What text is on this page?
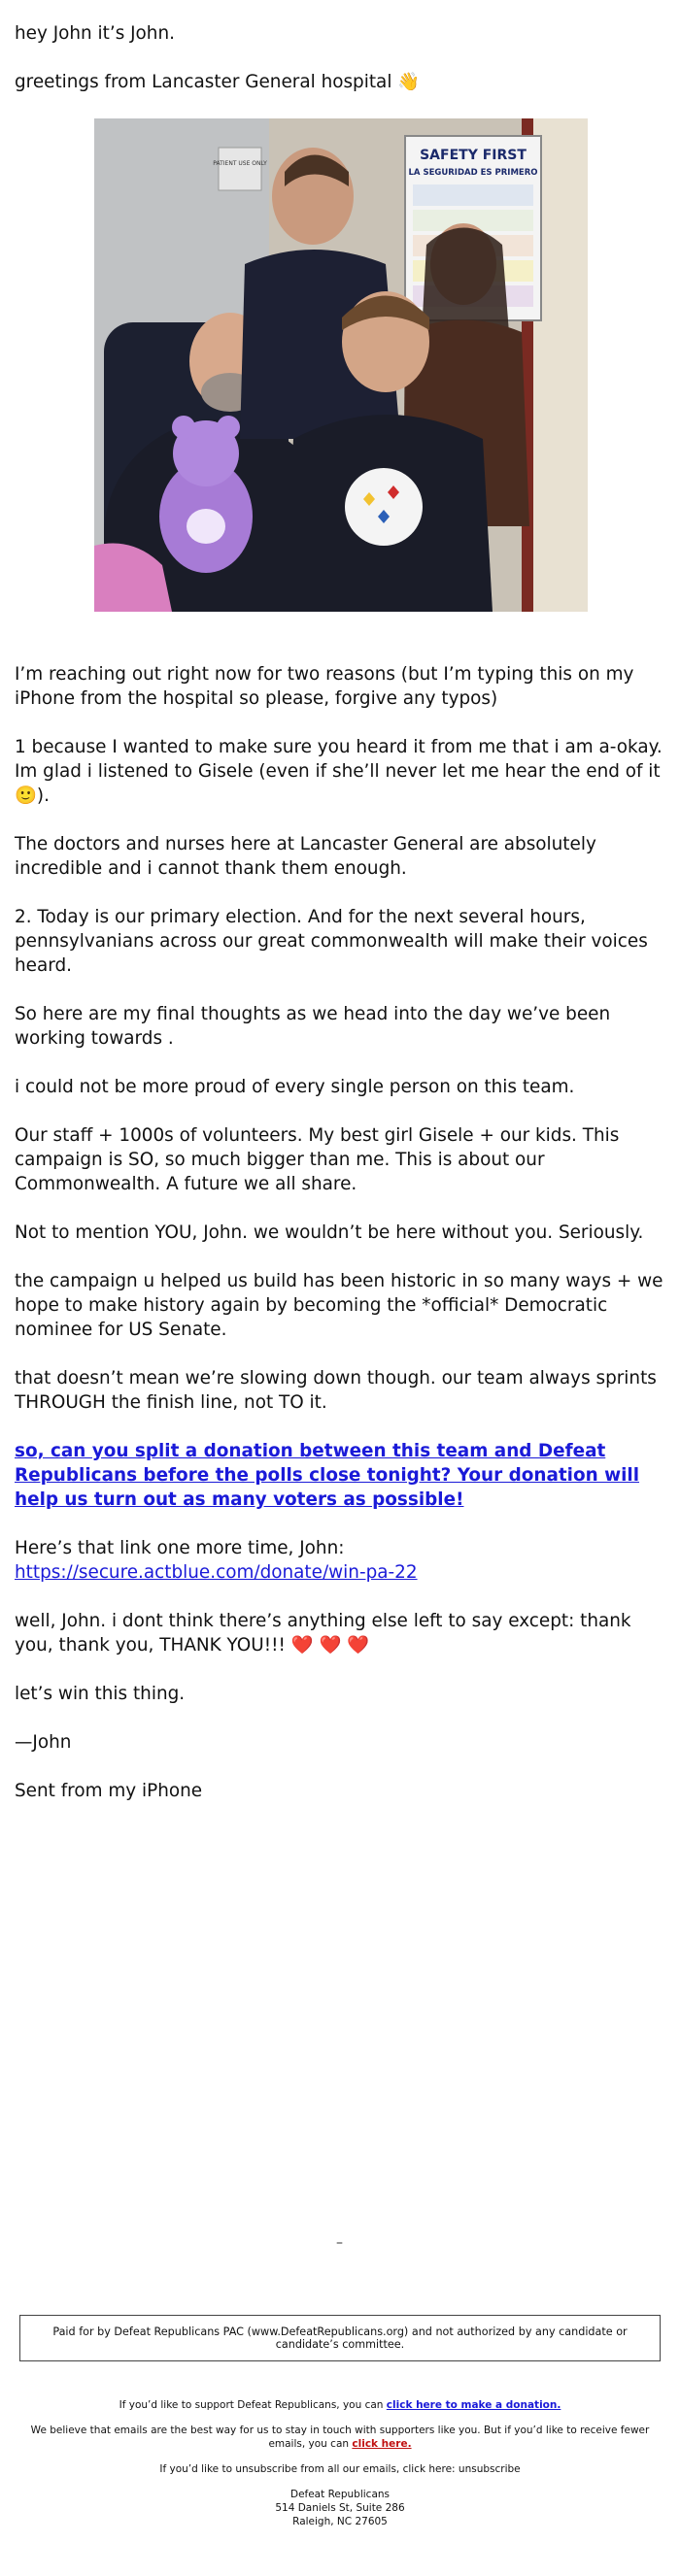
hey John it’s John.

greetings from Lancaster General hospital 👋

SAFETY FIRST
LA SEGURIDAD ES PRIMERO
PATIENT USE ONLY

I’m reaching out right now for two reasons (but I’m typing this on my iPhone from the hospital so please, forgive any typos)

1 because I wanted to make sure you heard it from me that i am a-okay. Im glad i listened to Gisele (even if she’ll never let me hear the end of it 🙂).

The doctors and nurses here at Lancaster General are absolutely incredible and i cannot thank them enough.

2. Today is our primary election. And for the next several hours, pennsylvanians across our great commonwealth will make their voices heard.

So here are my final thoughts as we head into the day we’ve been working towards .

i could not be more proud of every single person on this team.

Our staff + 1000s of volunteers. My best girl Gisele + our kids. This campaign is SO, so much bigger than me. This is about our Commonwealth. A future we all share.

Not to mention YOU, John. we wouldn’t be here without you. Seriously.

the campaign u helped us build has been historic in so many ways + we hope to make history again by becoming the *official* Democratic nominee for US Senate.

that doesn’t mean we’re slowing down though. our team always sprints THROUGH the finish line, not TO it.

so, can you split a donation between this team and Defeat Republicans before the polls close tonight? Your donation will help us turn out as many voters as possible!

Here’s that link one more time, John:
https://secure.actblue.com/donate/win-pa-22

well, John. i dont think there’s anything else left to say except: thank you, thank you, THANK YOU!!! ❤️ ❤️ ❤️

let’s win this thing.

—John

Sent from my iPhone

–
Paid for by Defeat Republicans PAC (www.DefeatRepublicans.org) and not authorized by any candidate or candidate’s committee.

If you’d like to support Defeat Republicans, you can click here to make a donation.

We believe that emails are the best way for us to stay in touch with supporters like you. But if you’d like to receive fewer emails, you can click here.

If you’d like to unsubscribe from all our emails, click here: unsubscribe

Defeat Republicans
514 Daniels St, Suite 286
Raleigh, NC 27605
